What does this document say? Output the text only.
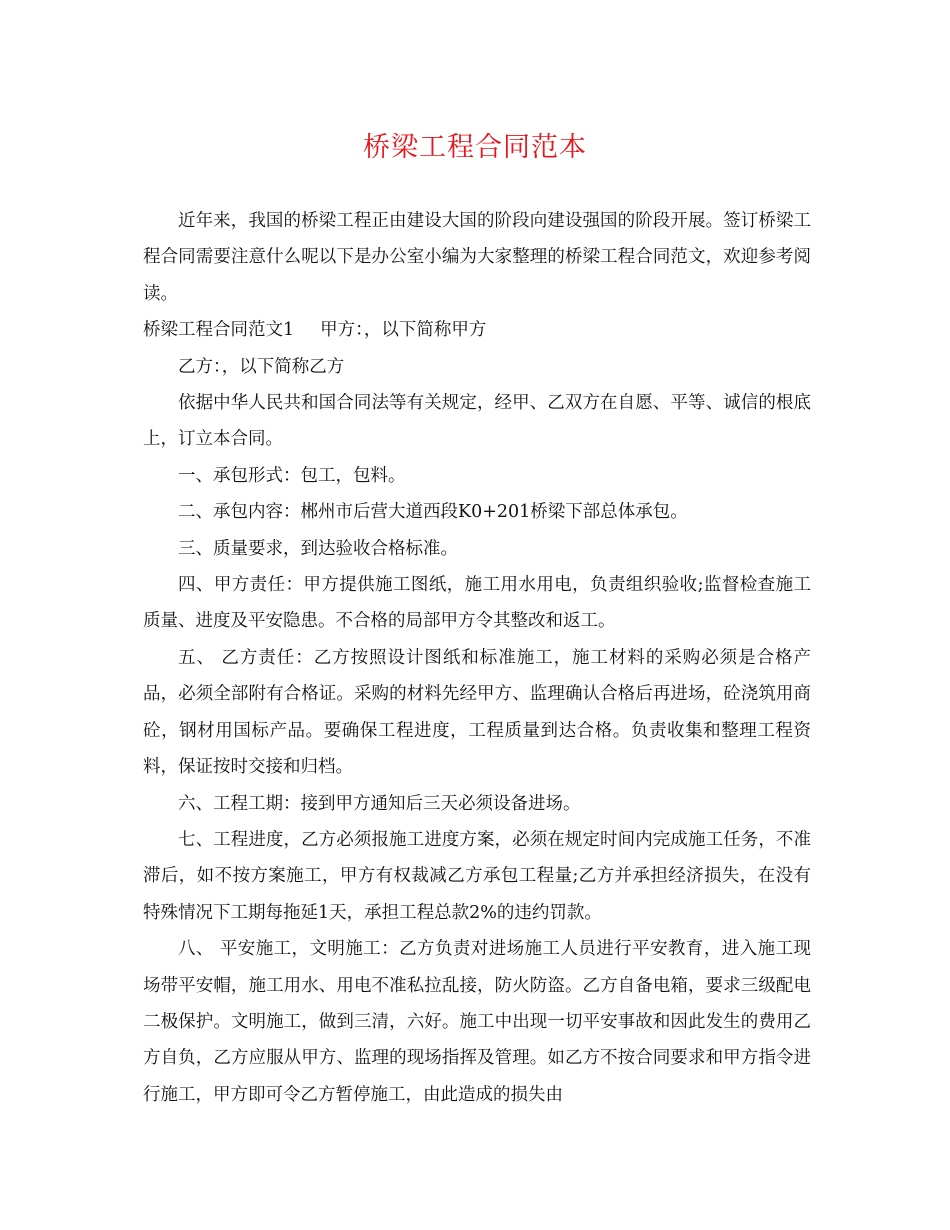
桥梁工程合同范本

近年来，我国的桥梁工程正由建设大国的阶段向建设强国的阶段开展。签订桥梁工程合同需要注意什么呢以下是办公室小编为大家整理的桥梁工程合同范文，欢迎参考阅读。

桥梁工程合同范文1 甲方：，以下简称甲方

乙方：，以下简称乙方

依据中华人民共和国合同法等有关规定，经甲、乙双方在自愿、平等、诚信的根底上，订立本合同。

一、承包形式：包工，包料。

二、承包内容：郴州市后营大道西段K0+201桥梁下部总体承包。

三、质量要求，到达验收合格标准。

四、甲方责任：甲方提供施工图纸，施工用水用电，负责组织验收;监督检查施工质量、进度及平安隐患。不合格的局部甲方令其整改和返工。

五、 乙方责任：乙方按照设计图纸和标准施工，施工材料的采购必须是合格产品，必须全部附有合格证。采购的材料先经甲方、监理确认合格后再进场，砼浇筑用商砼，钢材用国标产品。要确保工程进度，工程质量到达合格。负责收集和整理工程资料，保证按时交接和归档。

六、工程工期：接到甲方通知后三天必须设备进场。

七、工程进度，乙方必须报施工进度方案，必须在规定时间内完成施工任务，不准滞后，如不按方案施工，甲方有权裁减乙方承包工程量;乙方并承担经济损失，在没有特殊情况下工期每拖延1天，承担工程总款2%的违约罚款。

八、 平安施工，文明施工：乙方负责对进场施工人员进行平安教育，进入施工现场带平安帽，施工用水、用电不准私拉乱接，防火防盗。乙方自备电箱，要求三级配电二极保护。文明施工，做到三清，六好。施工中出现一切平安事故和因此发生的费用乙方自负，乙方应服从甲方、监理的现场指挥及管理。如乙方不按合同要求和甲方指令进行施工，甲方即可令乙方暂停施工，由此造成的损失由
